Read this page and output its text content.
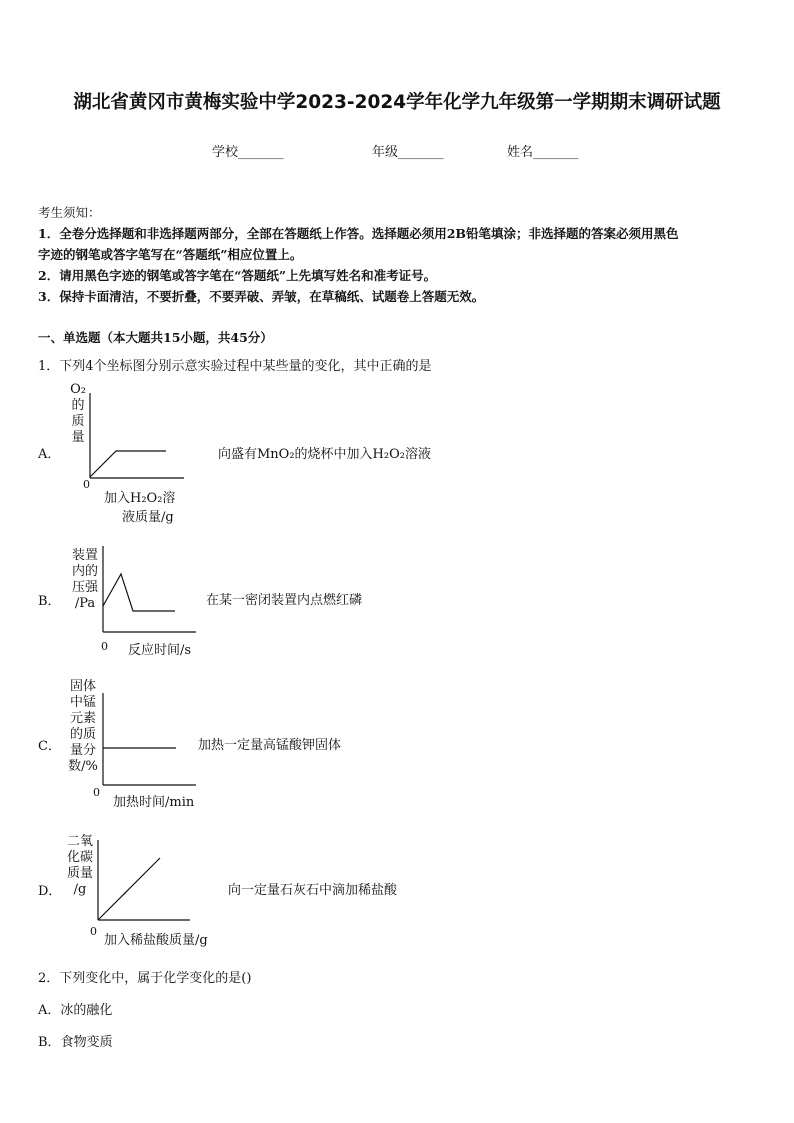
湖北省黄冈市黄梅实验中学2023-2024学年化学九年级第一学期期末调研试题
学校_______	年级_______	姓名_______
考生须知：
1．全卷分选择题和非选择题两部分，全部在答题纸上作答。选择题必须用2B铅笔填涂；非选择题的答案必须用黑色
字迹的钢笔或答字笔写在“答题纸”相应位置上。
2．请用黑色字迹的钢笔或答字笔在“答题纸”上先填写姓名和准考证号。
3．保持卡面清洁，不要折叠，不要弄破、弄皱，在草稿纸、试题卷上答题无效。
一、单选题（本大题共15小题，共45分）
1．下列4个坐标图分别示意实验过程中某些量的变化，其中正确的是
A．
O₂
的
质
量
0
加入H₂O₂溶
液质量/g
向盛有MnO₂的烧杯中加入H₂O₂溶液
B．
装置
内的
压强
/Pa
0 反应时间/s
在某一密闭装置内点燃红磷
C．
固体
中锰
元素
的质
量分
数/%
0
加热时间/min
加热一定量高锰酸钾固体
D．
二氧
化碳
质量
/g
0
加入稀盐酸质量/g
向一定量石灰石中滴加稀盐酸
2．下列变化中，属于化学变化的是()
A．冰的融化
B．食物变质
